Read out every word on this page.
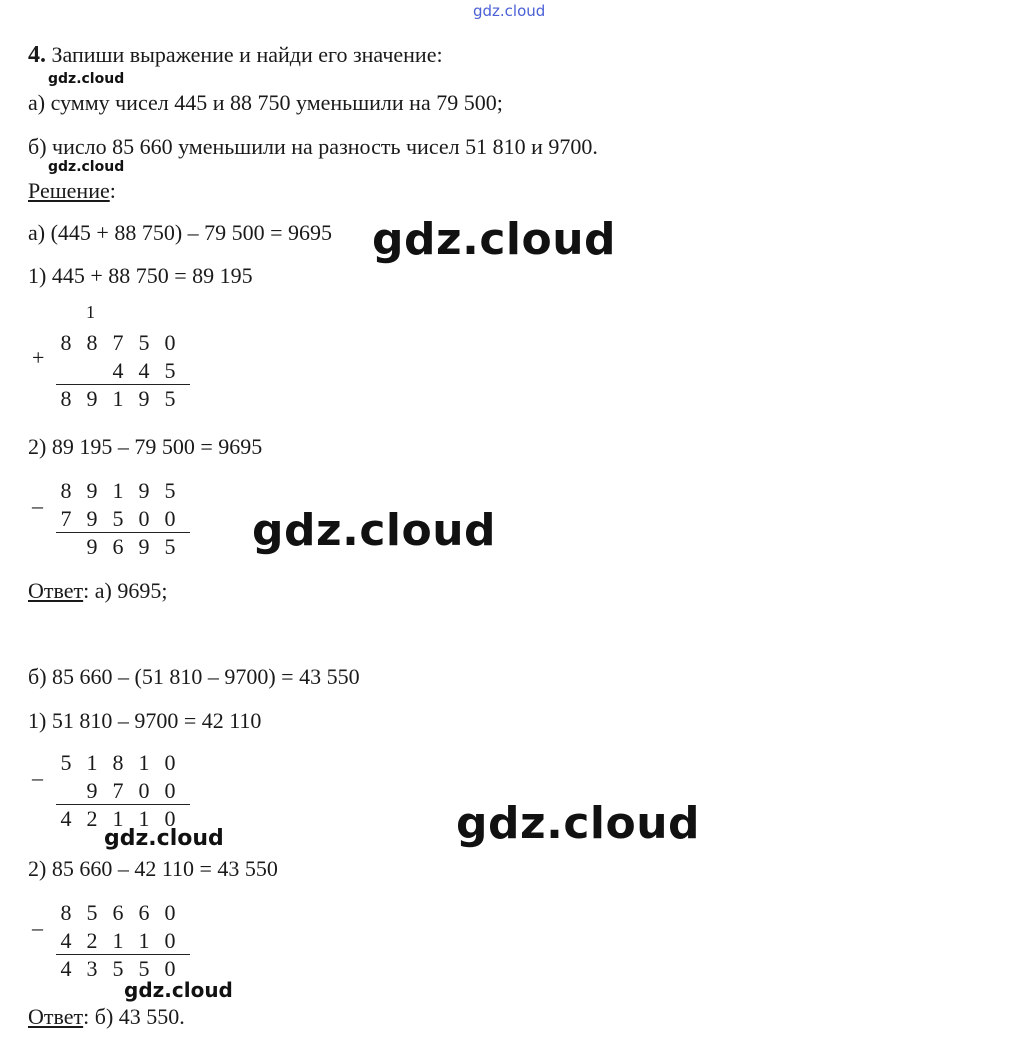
gdz.cloud
4. Запиши выражение и найди его значение:
gdz.cloud
а) сумму чисел 445 и 88 750 уменьшили на 79 500;
б) число 85 660 уменьшили на разность чисел 51 810 и 9700.
gdz.cloud
Решение:
а) (445 + 88 750) – 79 500 = 9695 gdz.cloud
1) 445 + 88 750 = 89 195
1
8 8 7 5 0
4 4 5
8 9 1 9 5
+
2) 89 195 – 79 500 = 9695
8 9 1 9 5
7 9 5 0 0
9 6 9 5
–	gdz.cloud
Ответ: а) 9695;
б) 85 660 – (51 810 – 9700) = 43 550
1) 51 810 – 9700 = 42 110
5 1 8 1 0
9 7 0 0
4 2 1 1 0
–
gdz.cloud	gdz.cloud
2) 85 660 – 42 110 = 43 550
8 5 6 6 0
4 2 1 1 0
4 3 5 5 0
–
gdz.cloud
Ответ: б) 43 550.
